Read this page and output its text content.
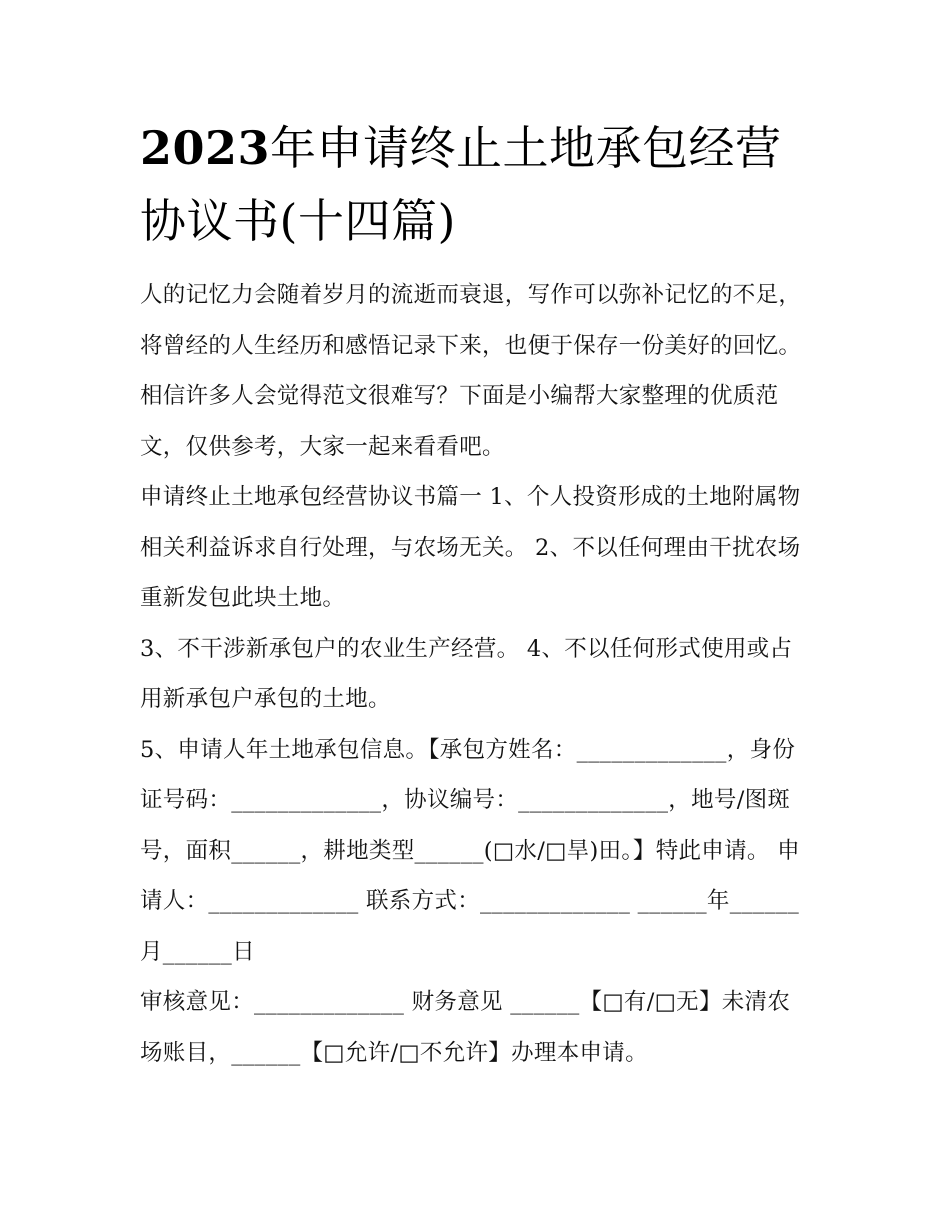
2023年申请终止土地承包经营协议书(十四篇)

人的记忆力会随着岁月的流逝而衰退，写作可以弥补记忆的不足，将曾经的人生经历和感悟记录下来，也便于保存一份美好的回忆。相信许多人会觉得范文很难写？下面是小编帮大家整理的优质范文，仅供参考，大家一起来看看吧。

申请终止土地承包经营协议书篇一 1、个人投资形成的土地附属物相关利益诉求自行处理，与农场无关。 2、不以任何理由干扰农场重新发包此块土地。

3、不干涉新承包户的农业生产经营。 4、不以任何形式使用或占用新承包户承包的土地。

5、申请人年土地承包信息。【承包方姓名：_____________，身份证号码：_____________，协议编号：_____________，地号/图斑号，面积______，耕地类型______(□水/□旱)田。】特此申请。 申请人：_____________ 联系方式：_____________ ______年______月______日

审核意见：_____________ 财务意见 ______【□有/□无】未清农场账目，______【□允许/□不允许】办理本申请。
